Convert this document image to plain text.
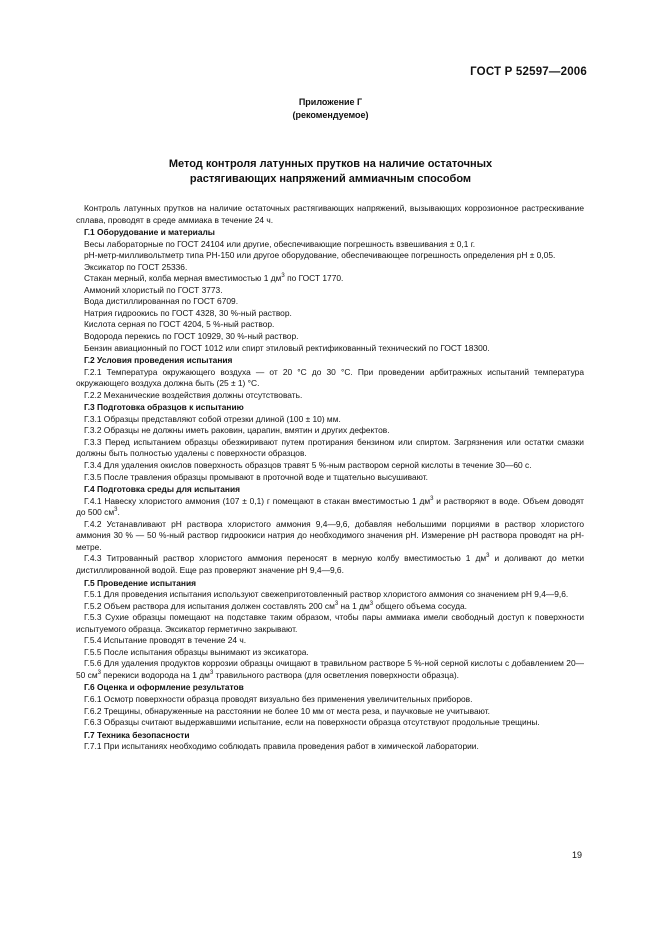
ГОСТ Р 52597—2006
Приложение Г
(рекомендуемое)
Метод контроля латунных прутков на наличие остаточных
растягивающих напряжений аммиачным способом

Контроль латунных прутков на наличие остаточных растягивающих напряжений, вызывающих коррозионное растрескивание сплава, проводят в среде аммиака в течение 24 ч.

Г.1 Оборудование и материалы

Весы лабораторные по ГОСТ 24104 или другие, обеспечивающие погрешность взвешивания ± 0,1 г.

pH-метр-милливольтметр типа PH-150 или другое оборудование, обеспечивающее погрешность определения pH ± 0,05.

Эксикатор по ГОСТ 25336.

Стакан мерный, колба мерная вместимостью 1 $дм^3$ по ГОСТ 1770.

Аммоний хлористый по ГОСТ 3773.

Вода дистиллированная по ГОСТ 6709.

Натрия гидроокись по ГОСТ 4328, 30 %-ный раствор.

Кислота серная по ГОСТ 4204, 5 %-ный раствор.

Водорода перекись по ГОСТ 10929, 30 %-ный раствор.

Бензин авиационный по ГОСТ 1012 или спирт этиловый ректификованный технический по ГОСТ 18300.

Г.2 Условия проведения испытания

Г.2.1 Температура окружающего воздуха — от 20 °С до 30 °С. При проведении арбитражных испытаний температура окружающего воздуха должна быть (25 ± 1) °С.

Г.2.2 Механические воздействия должны отсутствовать.

Г.3 Подготовка образцов к испытанию

Г.3.1 Образцы представляют собой отрезки длиной (100 ± 10) мм.

Г.3.2 Образцы не должны иметь раковин, царапин, вмятин и других дефектов.

Г.3.3 Перед испытанием образцы обезжиривают путем протирания бензином или спиртом. Загрязнения или остатки смазки должны быть полностью удалены с поверхности образцов.

Г.3.4 Для удаления окислов поверхность образцов травят 5 %-ным раствором серной кислоты в течение 30—60 с.

Г.3.5 После травления образцы промывают в проточной воде и тщательно высушивают.

Г.4 Подготовка среды для испытания

Г.4.1 Навеску хлористого аммония (107 ± 0,1) г помещают в стакан вместимостью 1 $дм^3$ и растворяют в воде. Объем доводят до 500 $см^3$.

Г.4.2 Устанавливают pH раствора хлористого аммония 9,4—9,6, добавляя небольшими порциями в раствор хлористого аммония 30 % — 50 %-ный раствор гидроокиси натрия до необходимого значения pH. Измерение pH раствора проводят на pH-метре.

Г.4.3 Титрованный раствор хлористого аммония переносят в мерную колбу вместимостью 1 $дм^3$ и доливают до метки дистиллированной водой. Еще раз проверяют значение pH 9,4—9,6.

Г.5 Проведение испытания

Г.5.1 Для проведения испытания используют свежеприготовленный раствор хлористого аммония со значением pH 9,4—9,6.

Г.5.2 Объем раствора для испытания должен составлять 200 $см^3$ на 1 $дм^3$ общего объема сосуда.

Г.5.3 Сухие образцы помещают на подставке таким образом, чтобы пары аммиака имели свободный доступ к поверхности испытуемого образца. Эксикатор герметично закрывают.

Г.5.4 Испытание проводят в течение 24 ч.

Г.5.5 После испытания образцы вынимают из эксикатора.

Г.5.6 Для удаления продуктов коррозии образцы очищают в травильном растворе 5 %-ной серной кислоты с добавлением 20—50 $см^3$ перекиси водорода на 1 $дм^3$ травильного раствора (для осветления поверхности образца).

Г.6 Оценка и оформление результатов

Г.6.1 Осмотр поверхности образца проводят визуально без применения увеличительных приборов.

Г.6.2 Трещины, обнаруженные на расстоянии не более 10 мм от места реза, и паучковые не учитывают.

Г.6.3 Образцы считают выдержавшими испытание, если на поверхности образца отсутствуют продольные трещины.

Г.7 Техника безопасности

Г.7.1 При испытаниях необходимо соблюдать правила проведения работ в химической лаборатории.

19
